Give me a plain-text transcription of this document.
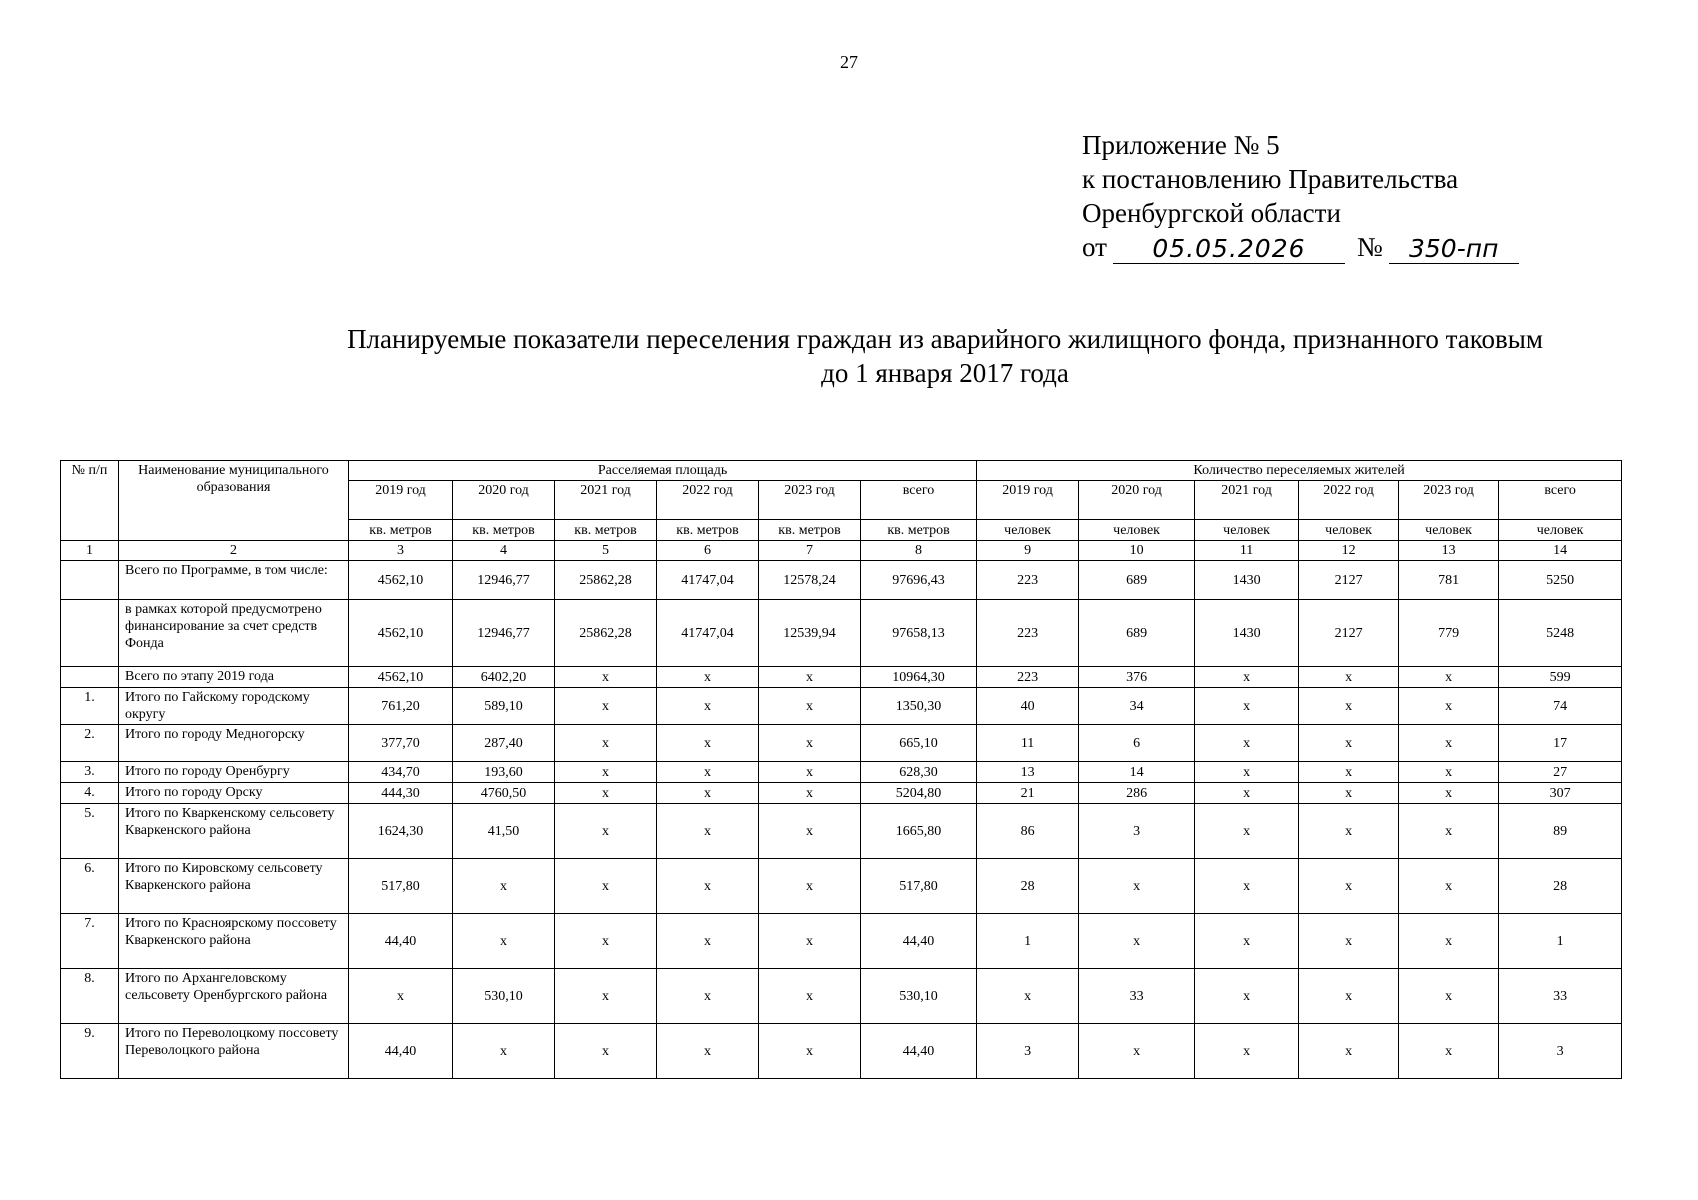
27
Приложение № 5
к постановлению Правительства
Оренбургской области
от	05.05.2026	№	350-пп
Планируемые показатели переселения граждан из аварийного жилищного фонда, признанного таковым
до 1 января 2017 года
№ п/п	Наименование муниципального образования	Расселяемая площадь						Количество переселяемых жителей					
		2019 год	2020 год	2021 год	2022 год	2023 год	всего	2019 год	2020 год	2021 год	2022 год	2023 год	всего
		кв. метров	кв. метров	кв. метров	кв. метров	кв. метров	кв. метров	человек	человек	человек	человек	человек	человек
1	2	3	4	5	6	7	8	9	10	11	12	13	14
	Всего по Программе, в том числе:	4562,10	12946,77	25862,28	41747,04	12578,24	97696,43	223	689	1430	2127	781	5250
	в рамках которой предусмотрено финансирование за счет средств Фонда	4562,10	12946,77	25862,28	41747,04	12539,94	97658,13	223	689	1430	2127	779	5248
	Всего по этапу 2019 года	4562,10	6402,20	x	x	x	10964,30	223	376	x	x	x	599
1.	Итого по Гайскому городскому округу	761,20	589,10	x	x	x	1350,30	40	34	x	x	x	74
2.	Итого по городу Медногорску	377,70	287,40	x	x	x	665,10	11	6	x	x	x	17
3.	Итого по городу Оренбургу	434,70	193,60	x	x	x	628,30	13	14	x	x	x	27
4.	Итого по городу Орску	444,30	4760,50	x	x	x	5204,80	21	286	x	x	x	307
5.	Итого по Кваркенскому сельсовету Кваркенского района	1624,30	41,50	x	x	x	1665,80	86	3	x	x	x	89
6.	Итого по Кировскому сельсовету Кваркенского района	517,80	x	x	x	x	517,80	28	x	x	x	x	28
7.	Итого по Красноярскому поссовету Кваркенского района	44,40	x	x	x	x	44,40	1	x	x	x	x	1
8.	Итого по Архангеловскому сельсовету Оренбургского района	x	530,10	x	x	x	530,10	x	33	x	x	x	33
9.	Итого по Переволоцкому поссовету Переволоцкого района	44,40	x	x	x	x	44,40	3	x	x	x	x	3
